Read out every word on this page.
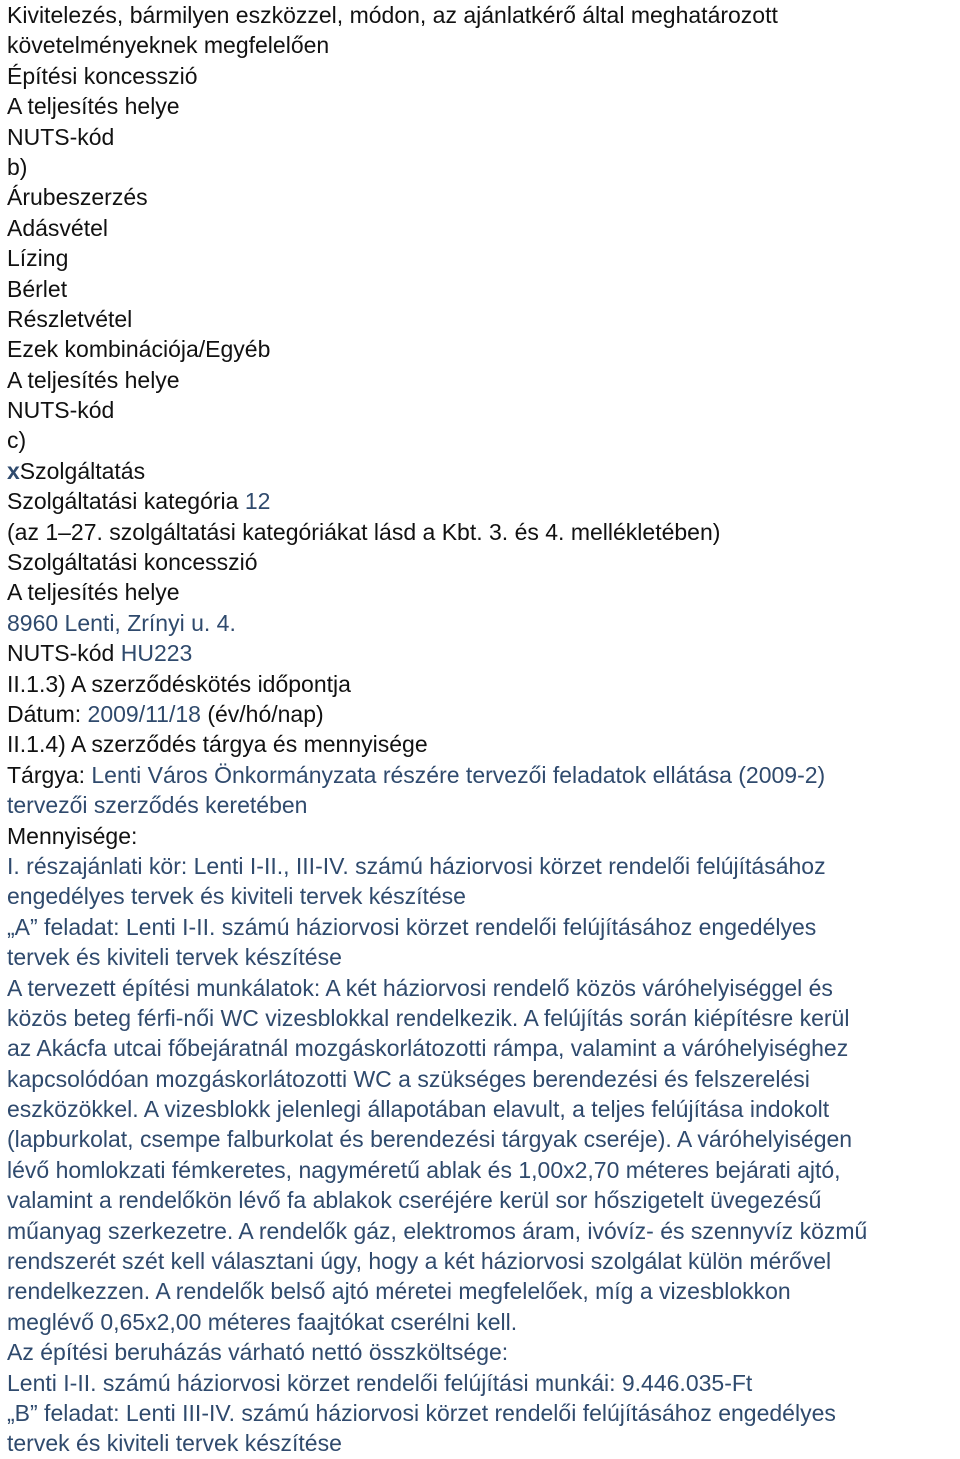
Kivitelezés, bármilyen eszközzel, módon, az ajánlatkérő által meghatározott
követelményeknek megfelelően
Építési koncesszió
A teljesítés helye
NUTS-kód
b)
Árubeszerzés
Adásvétel
Lízing
Bérlet
Részletvétel
Ezek kombinációja/Egyéb
A teljesítés helye
NUTS-kód
c)
xSzolgáltatás
Szolgáltatási kategória 12
(az 1–27. szolgáltatási kategóriákat lásd a Kbt. 3. és 4. mellékletében)
Szolgáltatási koncesszió
A teljesítés helye
8960 Lenti, Zrínyi u. 4.
NUTS-kód HU223
II.1.3) A szerződéskötés időpontja
Dátum: 2009/11/18 (év/hó/nap)
II.1.4) A szerződés tárgya és mennyisége
Tárgya: Lenti Város Önkormányzata részére tervezői feladatok ellátása (2009-2)
tervezői szerződés keretében
Mennyisége:
I. részajánlati kör: Lenti I-II., III-IV. számú háziorvosi körzet rendelői felújításához
engedélyes tervek és kiviteli tervek készítése
„A” feladat: Lenti I-II. számú háziorvosi körzet rendelői felújításához engedélyes
tervek és kiviteli tervek készítése
A tervezett építési munkálatok: A két háziorvosi rendelő közös váróhelyiséggel és
közös beteg férfi-női WC vizesblokkal rendelkezik. A felújítás során kiépítésre kerül
az Akácfa utcai főbejáratnál mozgáskorlátozotti rámpa, valamint a váróhelyiséghez
kapcsolódóan mozgáskorlátozotti WC a szükséges berendezési és felszerelési
eszközökkel. A vizesblokk jelenlegi állapotában elavult, a teljes felújítása indokolt
(lapburkolat, csempe falburkolat és berendezési tárgyak cseréje). A váróhelyiségen
lévő homlokzati fémkeretes, nagyméretű ablak és 1,00x2,70 méteres bejárati ajtó,
valamint a rendelőkön lévő fa ablakok cseréjére kerül sor hőszigetelt üvegezésű
műanyag szerkezetre. A rendelők gáz, elektromos áram, ivóvíz- és szennyvíz közmű
rendszerét szét kell választani úgy, hogy a két háziorvosi szolgálat külön mérővel
rendelkezzen. A rendelők belső ajtó méretei megfelelőek, míg a vizesblokkon
meglévő 0,65x2,00 méteres faajtókat cserélni kell.
Az építési beruházás várható nettó összköltsége:
Lenti I-II. számú háziorvosi körzet rendelői felújítási munkái: 9.446.035-Ft
„B” feladat: Lenti III-IV. számú háziorvosi körzet rendelői felújításához engedélyes
tervek és kiviteli tervek készítése
